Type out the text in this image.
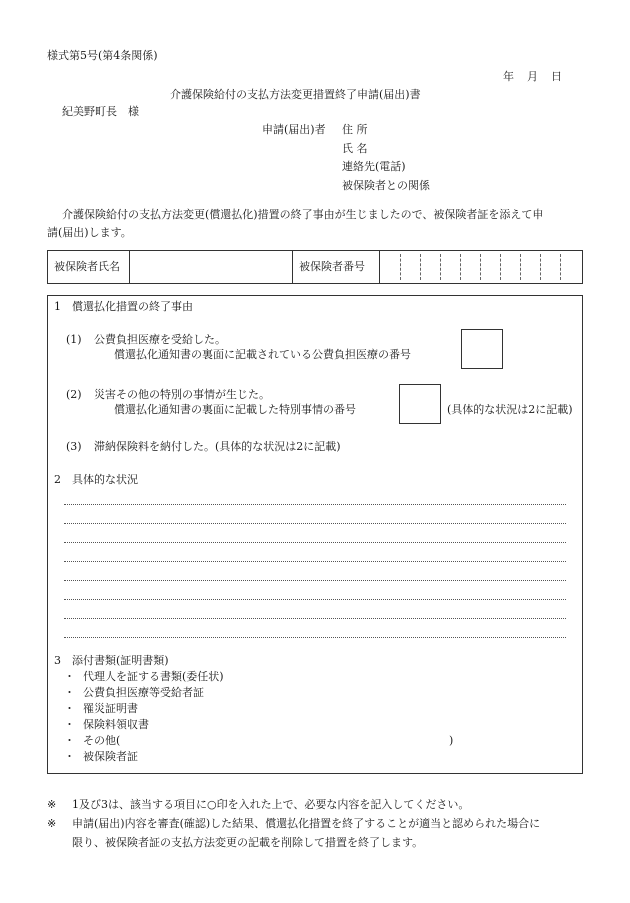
様式第5号(第4条関係)
年 月 日
介護保険給付の支払方法変更措置終了申請(届出)書
紀美野町長　様
申請(届出)者 住 所
氏 名
連絡先(電話)
被保険者との関係
介護保険給付の支払方法変更(償還払化)措置の終了事由が生じましたので、被保険者証を添えて申
請(届出)します。
被保険者氏名	被保険者番号
1　償還払化措置の終了事由
(1) 公費負担医療を受給した。
償還払化通知書の裏面に記載されている公費負担医療の番号
(2) 災害その他の特別の事情が生じた。
償還払化通知書の裏面に記載した特別事情の番号	(具体的な状況は2に記載)
(3) 滞納保険料を納付した。(具体的な状況は2に記載)
2　具体的な状況
3　添付書類(証明書類)
・ 代理人を証する書類(委任状)
・ 公費負担医療等受給者証
・ 罹災証明書
・ 保険料領収書
・ その他(	)
・ 被保険者証
※ 1及び3は、該当する項目に○印を入れた上で、必要な内容を記入してください。
※ 申請(届出)内容を審査(確認)した結果、償還払化措置を終了することが適当と認められた場合に
限り、被保険者証の支払方法変更の記載を削除して措置を終了します。
